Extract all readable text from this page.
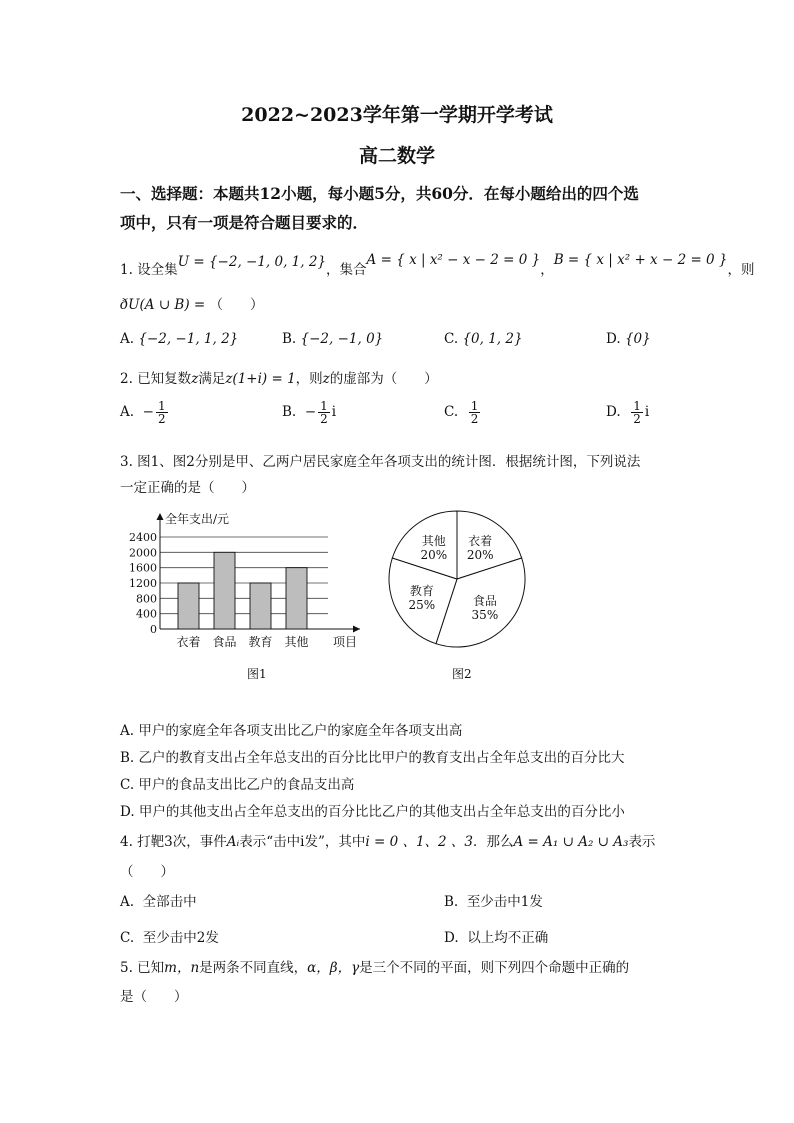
2022~2023学年第一学期开学考试
高二数学
一、选择题：本题共12小题，每小题5分，共60分．在每小题给出的四个选
项中，只有一项是符合题目要求的．
1. 设全集U = {−2, −1, 0, 1, 2}，集合A = { x | x² − x − 2 = 0 }，B = { x | x² + x − 2 = 0 }，则
ðU(A ∪ B) = （　　）
A. {−2, −1, 1, 2}	B. {−2, −1, 0}	C. {0, 1, 2}	D. {0}
2. 已知复数z满足z(1+i) = 1，则z的虚部为（　　）
A. − $\frac{1}{2}$	B. − $\frac{1}{2}$ i	C. $\frac{1}{2}$	D. $\frac{1}{2}$ i
3. 图1、图2分别是甲、乙两户居民家庭全年各项支出的统计图．根据统计图，下列说法
一定正确的是（　　）
0
400
800
1200
1600
2000
2400
全年支出/元
项目
衣着 食品 教育 其他
图1
衣着
20%
食品
35%
教育
25%
其他
20%
图2
A. 甲户的家庭全年各项支出比乙户的家庭全年各项支出高
B. 乙户的教育支出占全年总支出的百分比比甲户的教育支出占全年总支出的百分比大
C. 甲户的食品支出比乙户的食品支出高
D. 甲户的其他支出占全年总支出的百分比比乙户的其他支出占全年总支出的百分比小
4. 打靶3次，事件Aᵢ表示“击中i发”，其中i = 0 、1、2 、3．那么A = A₁ ∪ A₂ ∪ A₃表示
（　　）
A. 全部击中	B. 至少击中1发
C. 至少击中2发	D. 以上均不正确
5. 已知m，n是两条不同直线，α，β，γ是三个不同的平面，则下列四个命题中正确的
是（　　）
